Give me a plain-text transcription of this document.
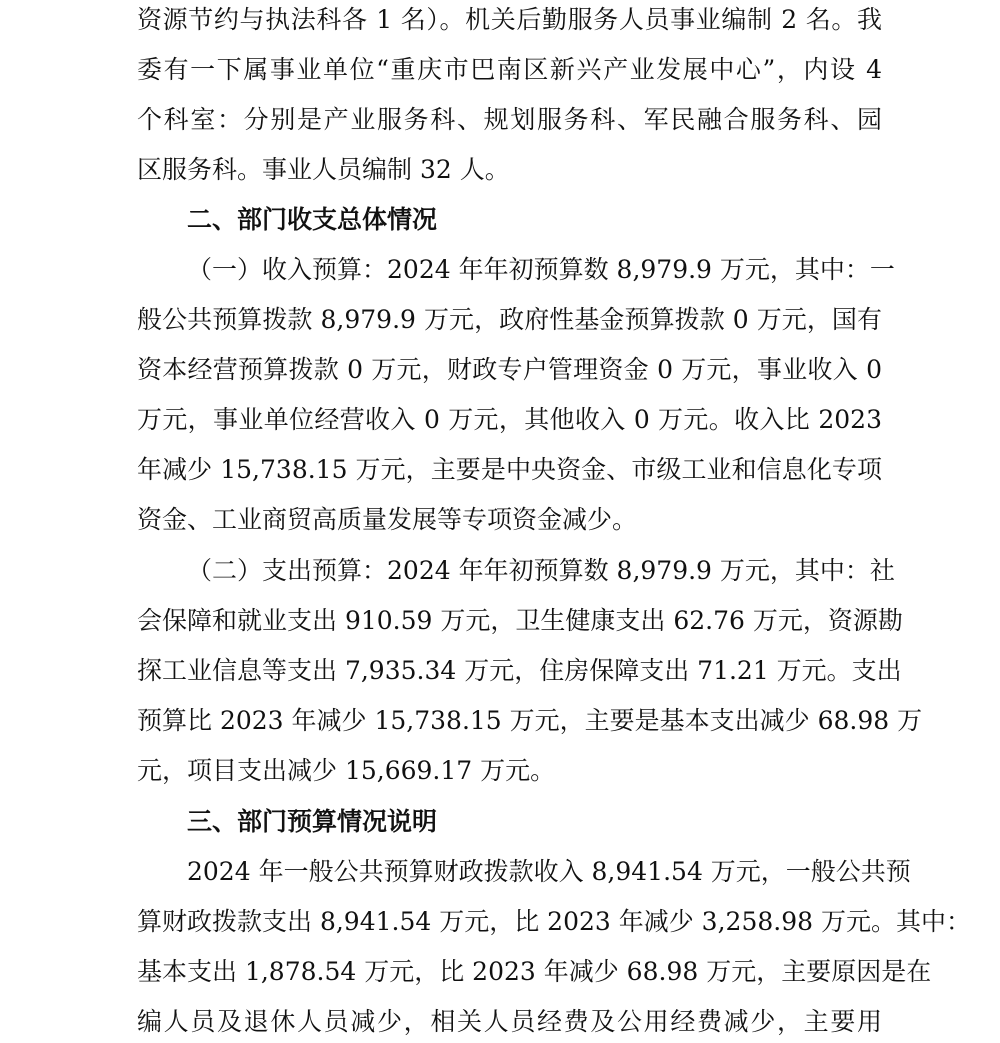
资源节约与执法科各 1 名）。机关后勤服务人员事业编制 2 名。我
委有一下属事业单位“重庆市巴南区新兴产业发展中心”，内设 4
个科室：分别是产业服务科、规划服务科、军民融合服务科、园
区服务科。事业人员编制 32 人。
二、部门收支总体情况
（一）收入预算：2024 年年初预算数 8,979.9 万元，其中：一
般公共预算拨款 8,979.9 万元，政府性基金预算拨款 0 万元，国有
资本经营预算拨款 0 万元，财政专户管理资金 0 万元，事业收入 0
万元，事业单位经营收入 0 万元，其他收入 0 万元。收入比 2023
年减少 15,738.15 万元，主要是中央资金、市级工业和信息化专项
资金、工业商贸高质量发展等专项资金减少。
（二）支出预算：2024 年年初预算数 8,979.9 万元，其中：社
会保障和就业支出 910.59 万元，卫生健康支出 62.76 万元，资源勘
探工业信息等支出 7,935.34 万元，住房保障支出 71.21 万元。支出
预算比 2023 年减少 15,738.15 万元，主要是基本支出减少 68.98 万
元，项目支出减少 15,669.17 万元。
三、部门预算情况说明
2024 年一般公共预算财政拨款收入 8,941.54 万元，一般公共预
算财政拨款支出 8,941.54 万元，比 2023 年减少 3,258.98 万元。其中：
基本支出 1,878.54 万元，比 2023 年减少 68.98 万元，主要原因是在
编人员及退休人员减少，相关人员经费及公用经费减少，主要用
